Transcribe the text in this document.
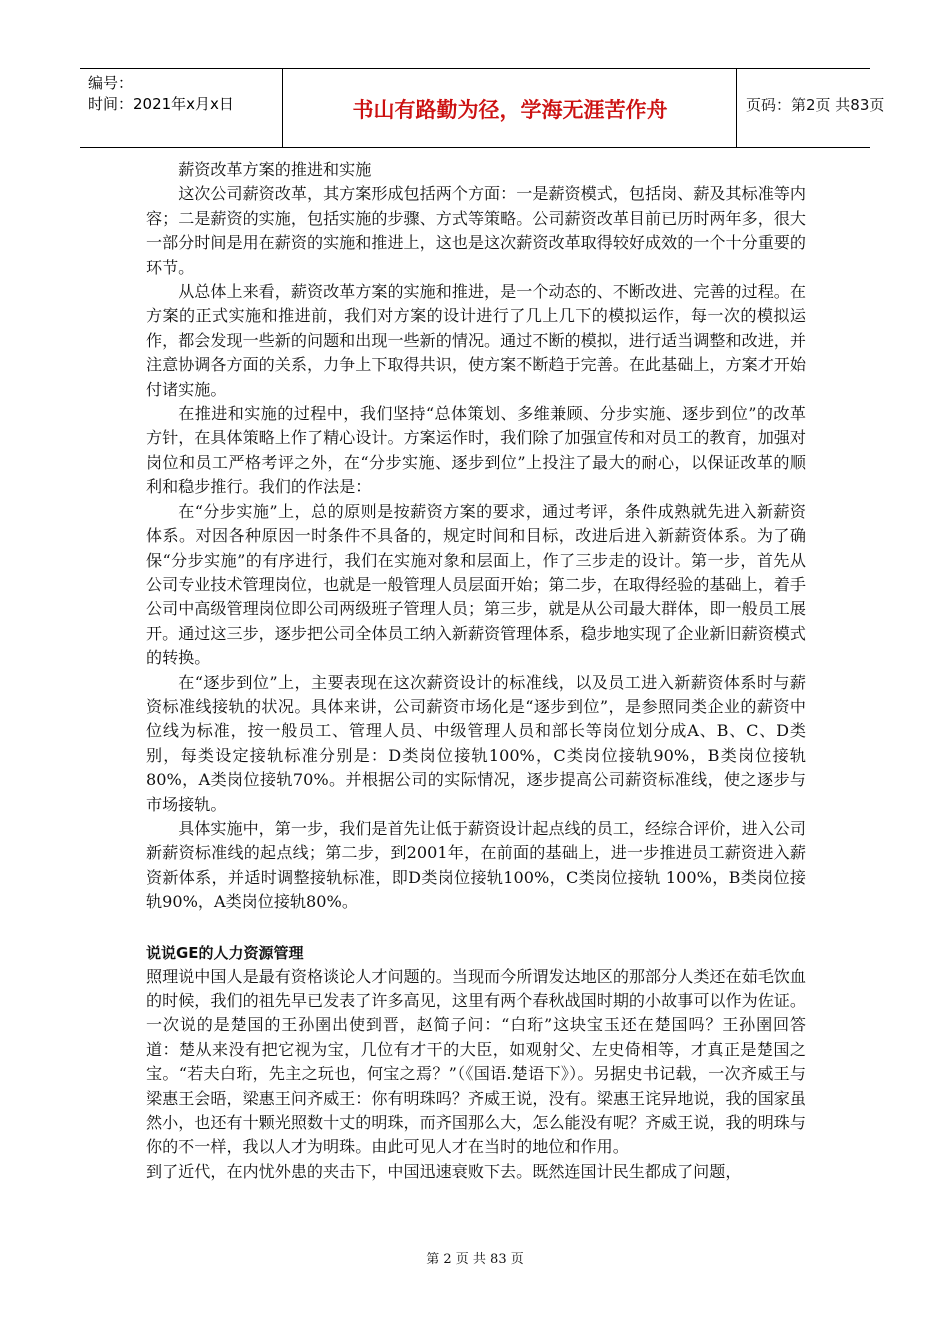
编号：
时间：2021年x月x日	书山有路勤为径，学海无涯苦作舟	页码：第2页 共83页

薪资改革方案的推进和实施

这次公司薪资改革，其方案形成包括两个方面：一是薪资模式，包括岗、薪及其标准等内容；二是薪资的实施，包括实施的步骤、方式等策略。公司薪资改革目前已历时两年多，很大一部分时间是用在薪资的实施和推进上，这也是这次薪资改革取得较好成效的一个十分重要的环节。

从总体上来看，薪资改革方案的实施和推进，是一个动态的、不断改进、完善的过程。在方案的正式实施和推进前，我们对方案的设计进行了几上几下的模拟运作，每一次的模拟运作，都会发现一些新的问题和出现一些新的情况。通过不断的模拟，进行适当调整和改进，并注意协调各方面的关系，力争上下取得共识，使方案不断趋于完善。在此基础上，方案才开始付诸实施。

在推进和实施的过程中，我们坚持“总体策划、多维兼顾、分步实施、逐步到位”的改革方针，在具体策略上作了精心设计。方案运作时，我们除了加强宣传和对员工的教育，加强对岗位和员工严格考评之外，在“分步实施、逐步到位”上投注了最大的耐心，以保证改革的顺利和稳步推行。我们的作法是：

在“分步实施”上，总的原则是按薪资方案的要求，通过考评，条件成熟就先进入新薪资体系。对因各种原因一时条件不具备的，规定时间和目标，改进后进入新薪资体系。为了确保“分步实施”的有序进行，我们在实施对象和层面上，作了三步走的设计。第一步，首先从公司专业技术管理岗位，也就是一般管理人员层面开始；第二步，在取得经验的基础上，着手公司中高级管理岗位即公司两级班子管理人员；第三步，就是从公司最大群体，即一般员工展开。通过这三步，逐步把公司全体员工纳入新薪资管理体系，稳步地实现了企业新旧薪资模式的转换。

在“逐步到位”上，主要表现在这次薪资设计的标准线，以及员工进入新薪资体系时与薪资标准线接轨的状况。具体来讲，公司薪资市场化是“逐步到位”，是参照同类企业的薪资中位线为标准，按一般员工、管理人员、中级管理人员和部长等岗位划分成A、B、C、D类别，每类设定接轨标准分别是：D类岗位接轨100%，C类岗位接轨90%，B类岗位接轨 80%，A类岗位接轨70%。并根据公司的实际情况，逐步提高公司薪资标准线，使之逐步与市场接轨。

具体实施中，第一步，我们是首先让低于薪资设计起点线的员工，经综合评价，进入公司新薪资标准线的起点线；第二步，到2001年，在前面的基础上，进一步推进员工薪资进入薪资新体系，并适时调整接轨标准，即D类岗位接轨100%，C类岗位接轨 100%，B类岗位接轨90%，A类岗位接轨80%。

说说GE的人力资源管理

照理说中国人是最有资格谈论人才问题的。当现而今所谓发达地区的那部分人类还在茹毛饮血的时候，我们的祖先早已发表了许多高见，这里有两个春秋战国时期的小故事可以作为佐证。一次说的是楚国的王孙圉出使到晋，赵简子问：“白珩”这块宝玉还在楚国吗？王孙圉回答道：楚从来没有把它视为宝，几位有才干的大臣，如观射父、左史倚相等，才真正是楚国之宝。“若夫白珩，先主之玩也，何宝之焉？”（《国语.楚语下》）。另据史书记载，一次齐威王与梁惠王会晤，梁惠王问齐威王：你有明珠吗？齐威王说，没有。梁惠王诧异地说，我的国家虽然小，也还有十颗光照数十丈的明珠，而齐国那么大，怎么能没有呢？齐威王说，我的明珠与你的不一样，我以人才为明珠。由此可见人才在当时的地位和作用。

到了近代，在内忧外患的夹击下，中国迅速衰败下去。既然连国计民生都成了问题，

第 2 页 共 83 页
